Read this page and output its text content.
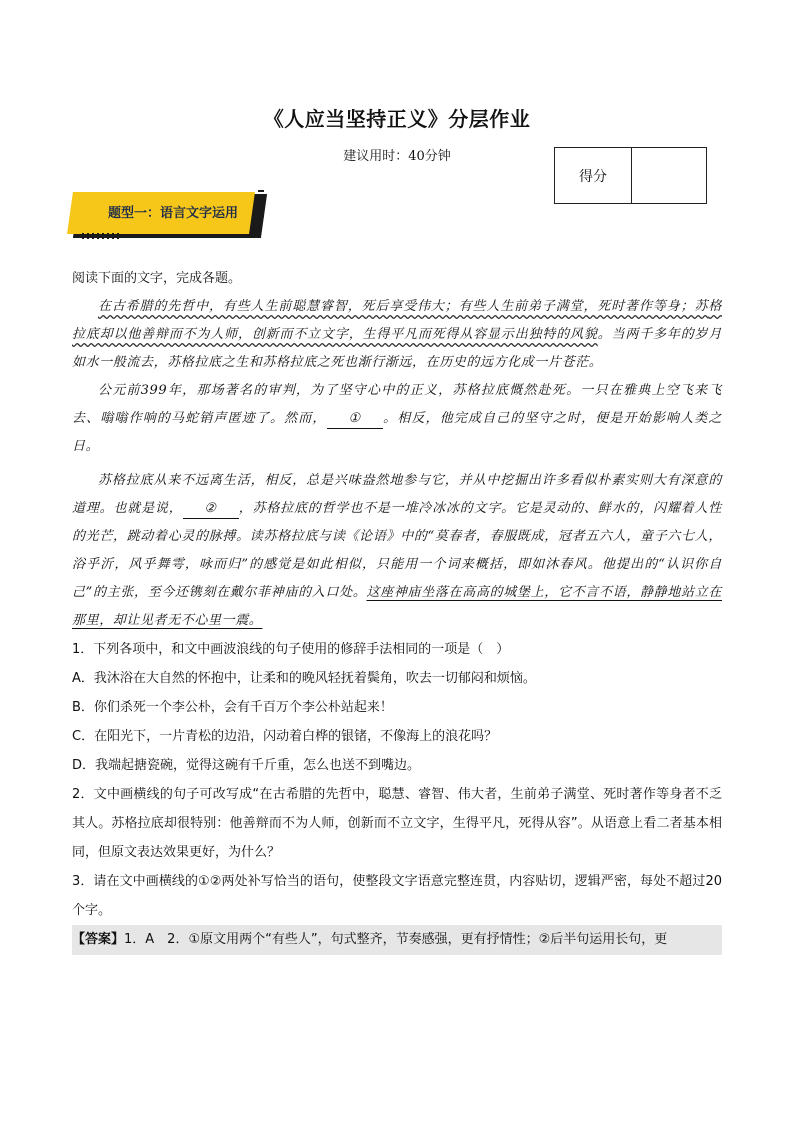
《人应当坚持正义》分层作业
建议用时：40分钟
得分
题型一：语言文字运用

阅读下面的文字，完成各题。

在古希腊的先哲中，有些人生前聪慧睿智，死后享受伟大；有些人生前弟子满堂，死时著作等身；苏格拉底却以他善辩而不为人师，创新而不立文字，生得平凡而死得从容显示出独特的风貌。当两千多年的岁月如水一般流去，苏格拉底之生和苏格拉底之死也渐行渐远，在历史的远方化成一片苍茫。

公元前399年，那场著名的审判，为了坚守心中的正义，苏格拉底慨然赴死。一只在雅典上空飞来飞去、嗡嗡作响的马蛇销声匿迹了。然而， ① 。相反，他完成自己的坚守之时，便是开始影响人类之日。

苏格拉底从来不远离生活，相反，总是兴味盎然地参与它，并从中挖掘出许多看似朴素实则大有深意的道理。也就是说， ② ，苏格拉底的哲学也不是一堆冷冰冰的文字。它是灵动的、鲜水的，闪耀着人性的光芒，跳动着心灵的脉搏。读苏格拉底与读《论语》中的“莫春者，春服既成，冠者五六人，童子六七人，浴乎沂，风乎舞雩，咏而归”的感觉是如此相似，只能用一个词来概括，即如沐春风。他提出的“认识你自己”的主张，至今还镌刻在戴尔菲神庙的入口处。这座神庙坐落在高高的城堡上，它不言不语，静静地站立在那里，却让见者无不心里一震。

1．下列各项中，和文中画波浪线的句子使用的修辞手法相同的一项是（　）

A．我沐浴在大自然的怀抱中，让柔和的晚风轻抚着鬓角，吹去一切郁闷和烦恼。

B．你们杀死一个李公朴，会有千百万个李公朴站起来！

C．在阳光下，一片青松的边沿，闪动着白桦的银锗，不像海上的浪花吗？

D．我端起搪瓷碗，觉得这碗有千斤重，怎么也送不到嘴边。

2．文中画横线的句子可改写成“在古希腊的先哲中，聪慧、睿智、伟大者，生前弟子满堂、死时著作等身者不乏其人。苏格拉底却很特别：他善辩而不为人师，创新而不立文字，生得平凡，死得从容”。从语意上看二者基本相同，但原文表达效果更好，为什么？

3．请在文中画横线的①②两处补写恰当的语句，使整段文字语意完整连贯，内容贴切，逻辑严密，每处不超过20个字。

【答案】1．A　2．①原文用两个“有些人”，句式整齐，节奏感强，更有抒情性；②后半句运用长句，更
